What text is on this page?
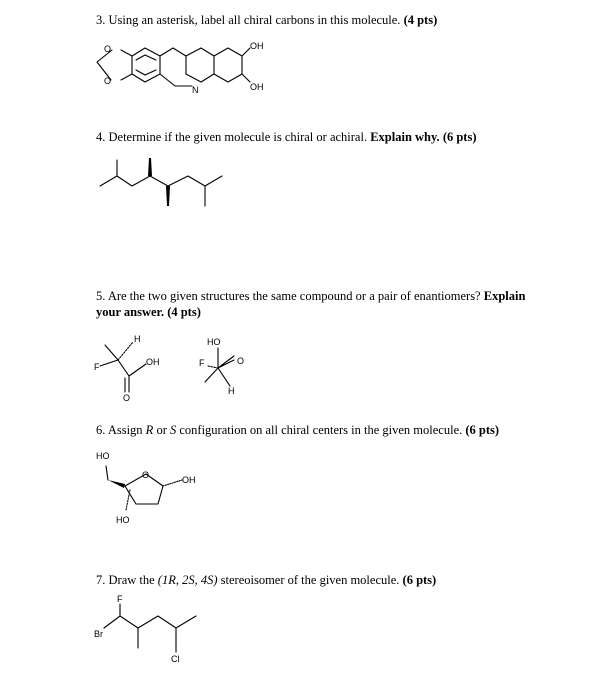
3. Using an asterisk, label all chiral carbons in this molecule. (4 pts)
O
O
OH
OH
N
H
OH
F
O
HO
F	O
H
HO
O	OH
HO
F
Br
Cl
4. Determine if the given molecule is chiral or achiral. Explain why. (6 pts)
5. Are the two given structures the same compound or a pair of enantiomers? Explain your answer. (4 pts)
6. Assign R or S configuration on all chiral centers in the given molecule. (6 pts)
7. Draw the (1R, 2S, 4S) stereoisomer of the given molecule. (6 pts)
